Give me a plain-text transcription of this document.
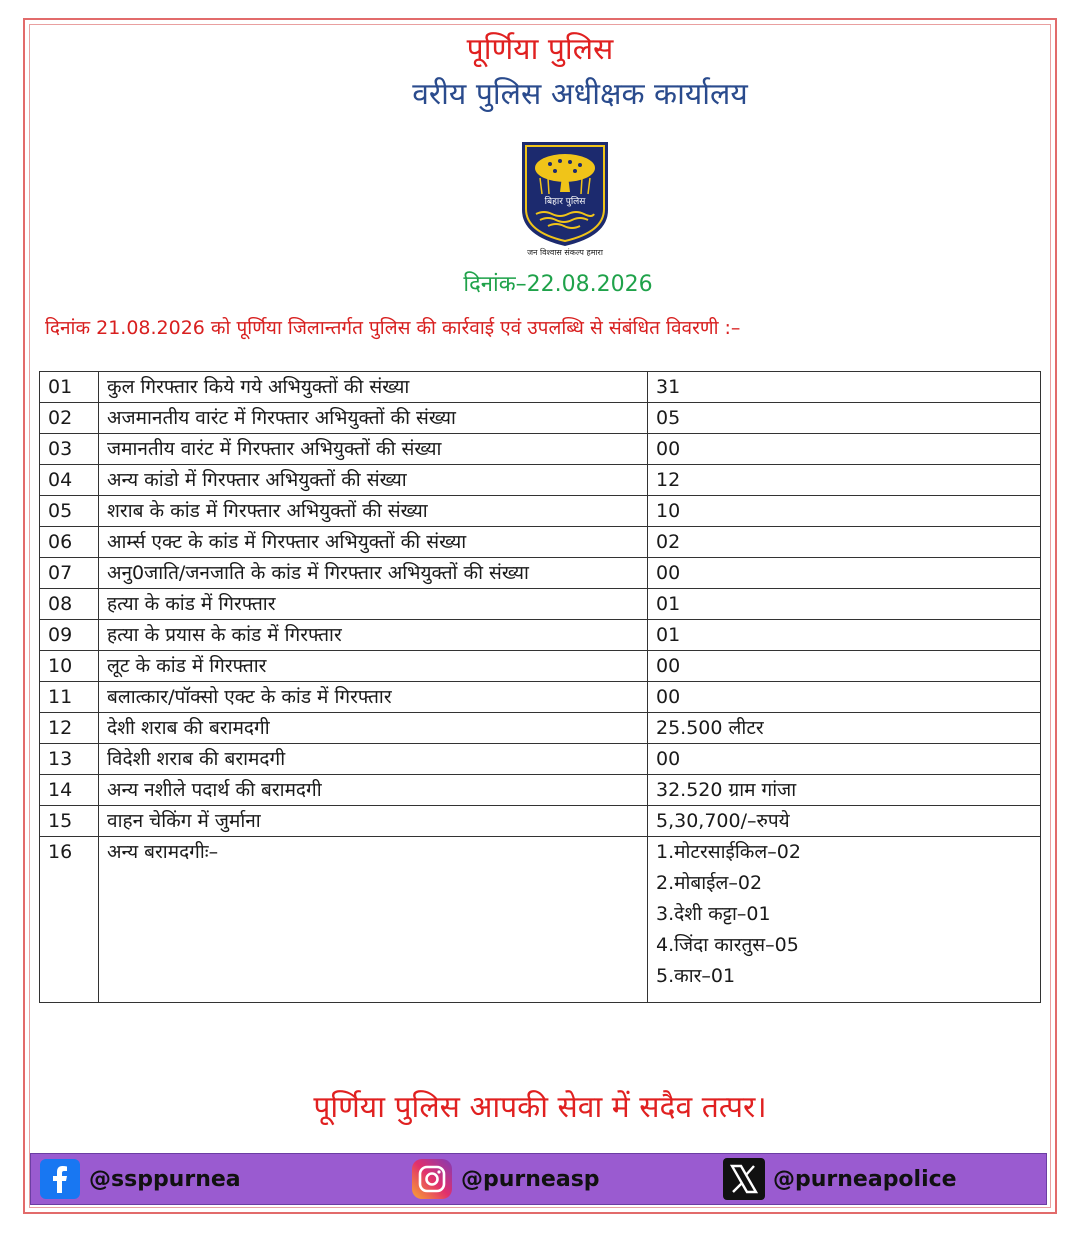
पूर्णिया पुलिस
वरीय पुलिस अधीक्षक कार्यालय
बिहार पुलिस
जन विश्वास संकल्प हमारा
दिनांक–22.08.2026
दिनांक 21.08.2026 को पूर्णिया जिलान्तर्गत पुलिस की कार्रवाई एवं उपलब्धि से संबंधित विवरणी :–
01	कुल गिरफ्तार किये गये अभियुक्तों की संख्या	31
02	अजमानतीय वारंट में गिरफ्तार अभियुक्तों की संख्या	05
03	जमानतीय वारंट में गिरफ्तार अभियुक्तों की संख्या	00
04	अन्य कांडो में गिरफ्तार अभियुक्तों की संख्या	12
05	शराब के कांड में गिरफ्तार अभियुक्तों की संख्या	10
06	आर्म्स एक्ट के कांड में गिरफ्तार अभियुक्तों की संख्या	02
07	अनु0जाति/जनजाति के कांड में गिरफ्तार अभियुक्तों की संख्या	00
08	हत्या के कांड में गिरफ्तार	01
09	हत्या के प्रयास के कांड में गिरफ्तार	01
10	लूट के कांड में गिरफ्तार	00
11	बलात्कार/पॉक्सो एक्ट के कांड में गिरफ्तार	00
12	देशी शराब की बरामदगी	25.500 लीटर
13	विदेशी शराब की बरामदगी	00
14	अन्य नशीले पदार्थ की बरामदगी	32.520 ग्राम गांजा
15	वाहन चेकिंग में जुर्माना	5,30,700/–रुपये
16	अन्य बरामदगीः–	1.मोटरसाईकिल–02
2.मोबाईल–02
3.देशी कट्टा–01
4.जिंदा कारतुस–05
5.कार–01
पूर्णिया पुलिस आपकी सेवा में सदैव तत्पर।
@ssppurnea	@purneasp	@purneapolice
